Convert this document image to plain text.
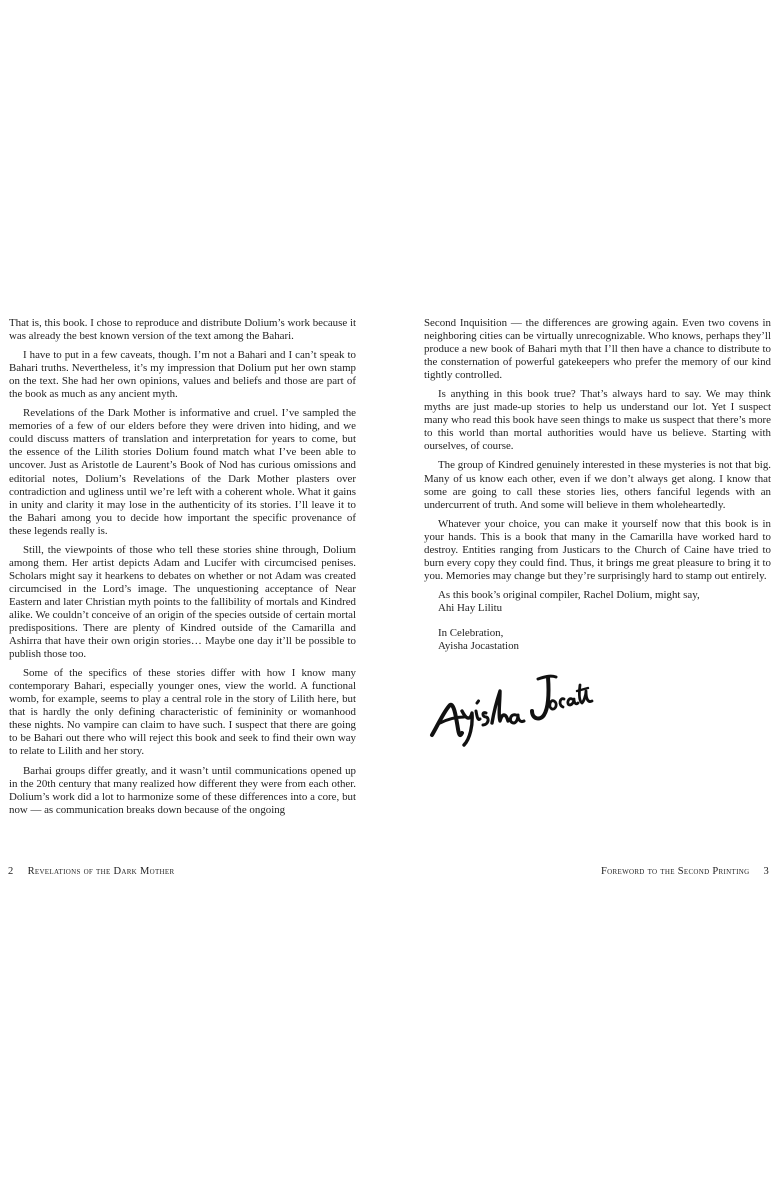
That is, this book. I chose to reproduce and distribute Dolium’s work because it was already the best known version of the text among the Bahari.

I have to put in a few caveats, though. I’m not a Bahari and I can’t speak to Bahari truths. Nevertheless, it’s my impression that Dolium put her own stamp on the text. She had her own opinions, values and beliefs and those are part of the book as much as any ancient myth.

Revelations of the Dark Mother is informative and cruel. I’ve sampled the memories of a few of our elders before they were driven into hiding, and we could discuss matters of translation and interpretation for years to come, but the essence of the Lilith stories Dolium found match what I’ve been able to uncover. Just as Aristotle de Laurent’s Book of Nod has curious omissions and editorial notes, Dolium’s Revelations of the Dark Mother plasters over contradiction and ugliness until we’re left with a coherent whole. What it gains in unity and clarity it may lose in the authenticity of its stories. I’ll leave it to the Bahari among you to decide how important the specific provenance of these legends really is.

Still, the viewpoints of those who tell these stories shine through, Dolium among them. Her artist depicts Adam and Lucifer with circumcised penises. Scholars might say it hearkens to debates on whether or not Adam was created circumcised in the Lord’s image. The unquestioning acceptance of Near Eastern and later Christian myth points to the fallibility of mortals and Kindred alike. We couldn’t conceive of an origin of the species outside of certain mortal predispositions. There are plenty of Kindred outside of the Camarilla and Ashirra that have their own origin stories… Maybe one day it’ll be possible to publish those too.

Some of the specifics of these stories differ with how I know many contemporary Bahari, especially younger ones, view the world. A functional womb, for example, seems to play a central role in the story of Lilith here, but that is hardly the only defining characteristic of femininity or womanhood these nights. No vampire can claim to have such. I suspect that there are going to be Bahari out there who will reject this book and seek to find their own way to relate to Lilith and her story.

Barhai groups differ greatly, and it wasn’t until communications opened up in the 20th century that many realized how different they were from each other. Dolium’s work did a lot to harmonize some of these differences into a core, but now — as communication breaks down because of the ongoing

Second Inquisition — the differences are growing again. Even two covens in neighboring cities can be virtually unrecognizable. Who knows, perhaps they’ll produce a new book of Bahari myth that I’ll then have a chance to distribute to the consternation of powerful gatekeepers who prefer the memory of our kind tightly controlled.

Is anything in this book true? That’s always hard to say. We may think myths are just made-up stories to help us understand our lot. Yet I suspect many who read this book have seen things to make us suspect that there’s more to this world than mortal authorities would have us believe. Starting with ourselves, of course.

The group of Kindred genuinely interested in these mysteries is not that big. Many of us know each other, even if we don’t always get along. I know that some are going to call these stories lies, others fanciful legends with an undercurrent of truth. And some will believe in them wholeheartedly.

Whatever your choice, you can make it yourself now that this book is in your hands. This is a book that many in the Camarilla have worked hard to destroy. Entities ranging from Justicars to the Church of Caine have tried to burn every copy they could find. Thus, it brings me great pleasure to bring it to you. Memories may change but they’re surprisingly hard to stamp out entirely.

As this book’s original compiler, Rachel Dolium, might say,

Ahi Hay Lilitu

In Celebration,

Ayisha Jocastation

2 Revelations of the Dark Mother	Foreword to the Second Printing 3
